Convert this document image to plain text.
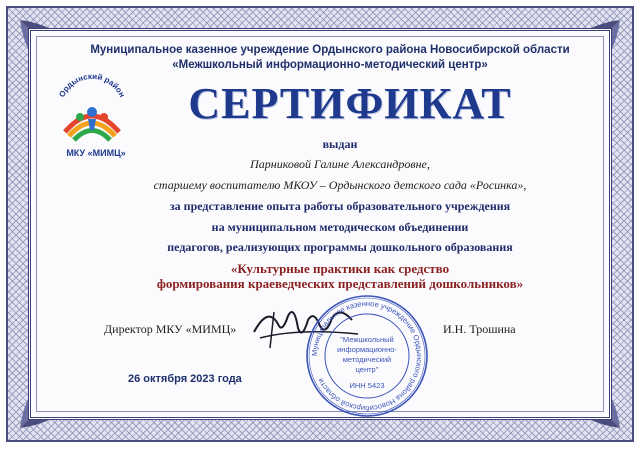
Муниципальное казенное учреждение Ордынского района Новосибирской области
«Межшкольный информационно-методический центр»
Ордынский район
МКУ «МИМЦ»
СЕРТИФИКАТ
выдан
Парниковой Галине Александровне,
старшему воспитателю МКОУ – Ордынского детского сада «Росинка»,
за представление опыта работы образовательного учреждения
на муниципальном методическом объединении
педагогов, реализующих программы дошкольного образования
«Культурные практики как средство
формирования краеведческих представлений дошкольников»
Директор МКУ «МИМЦ»	И.Н. Трошина
Муниципальное казенное учреждение Ордынского района Новосибирской области
"Межшкольный
информационно-
методический
центр"
ИНН 5423
26 октября 2023 года
